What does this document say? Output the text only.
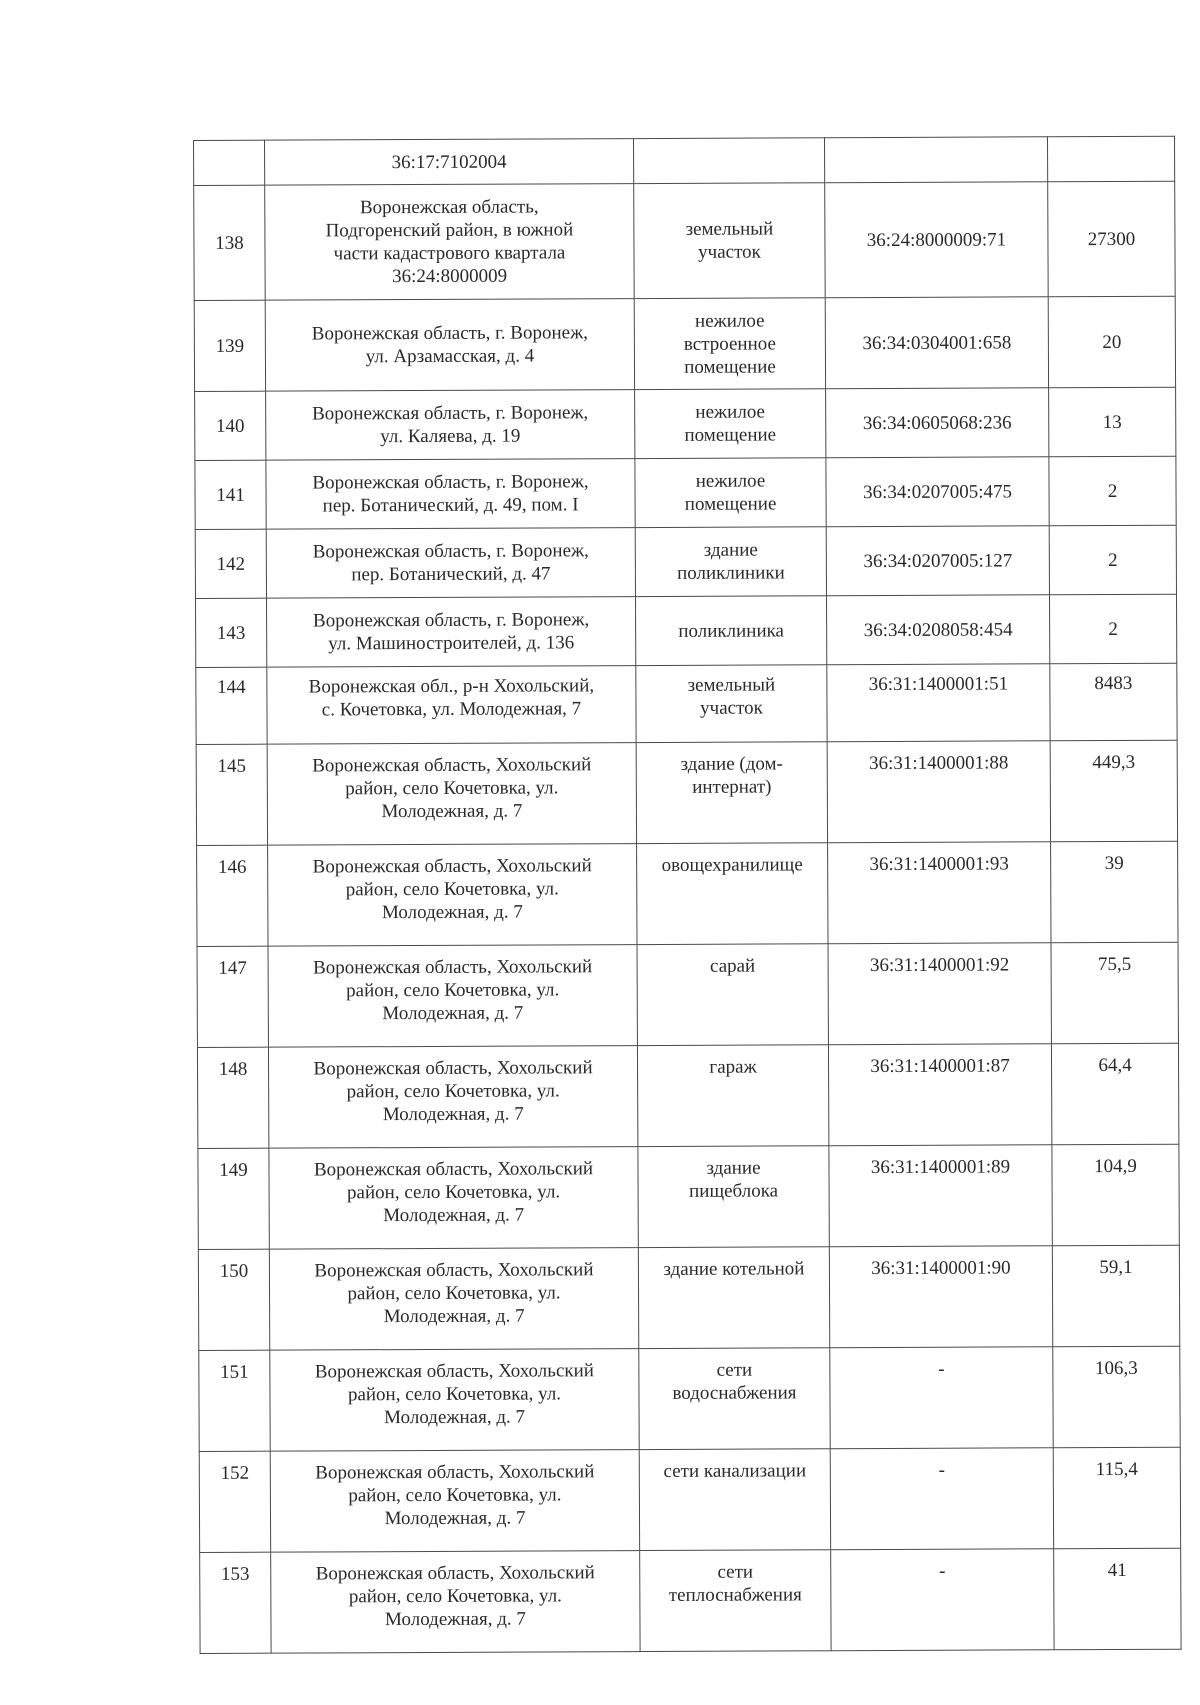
	36:17:7102004			

138	Воронежская область,
Подгоренский район, в южной
части кадастрового квартала
36:24:8000009	земельный
участок	36:24:8000009:71	27300

139	Воронежская область, г. Воронеж,
ул. Арзамасская, д. 4	нежилое
встроенное
помещение	36:34:0304001:658	20

140	Воронежская область, г. Воронеж,
ул. Каляева, д. 19	нежилое
помещение	36:34:0605068:236	13

141	Воронежская область, г. Воронеж,
пер. Ботанический, д. 49, пом. I	нежилое
помещение	36:34:0207005:475	2

142	Воронежская область, г. Воронеж,
пер. Ботанический, д. 47	здание
поликлиники	36:34:0207005:127	2

143	Воронежская область, г. Воронеж,
ул. Машиностроителей, д. 136	поликлиника	36:34:0208058:454	2

144	Воронежская обл., р-н Хохольский,
с. Кочетовка, ул. Молодежная, 7	земельный
участок	36:31:1400001:51	8483

145	Воронежская область, Хохольский
район, село Кочетовка, ул.
Молодежная, д. 7	здание (дом-
интернат)	36:31:1400001:88	449,3

146	Воронежская область, Хохольский
район, село Кочетовка, ул.
Молодежная, д. 7	овощехранилище	36:31:1400001:93	39

147	Воронежская область, Хохольский
район, село Кочетовка, ул.
Молодежная, д. 7	сарай	36:31:1400001:92	75,5

148	Воронежская область, Хохольский
район, село Кочетовка, ул.
Молодежная, д. 7	гараж	36:31:1400001:87	64,4

149	Воронежская область, Хохольский
район, село Кочетовка, ул.
Молодежная, д. 7	здание
пищеблока	36:31:1400001:89	104,9

150	Воронежская область, Хохольский
район, село Кочетовка, ул.
Молодежная, д. 7	здание котельной	36:31:1400001:90	59,1

151	Воронежская область, Хохольский
район, село Кочетовка, ул.
Молодежная, д. 7	сети
водоснабжения	-	106,3

152	Воронежская область, Хохольский
район, село Кочетовка, ул.
Молодежная, д. 7	сети канализации	-	115,4

153	Воронежская область, Хохольский
район, село Кочетовка, ул.
Молодежная, д. 7	сети
теплоснабжения	-	41
